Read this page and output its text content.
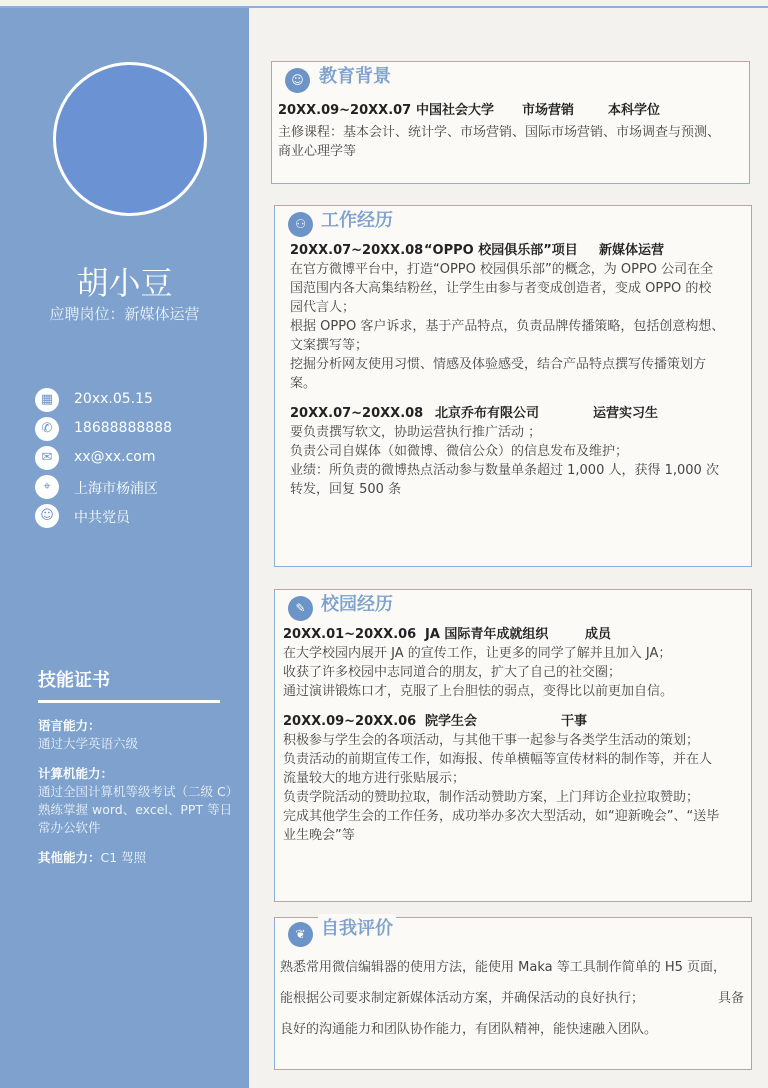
胡小豆
应聘岗位：新媒体运营
▦	20xx.05.15
✆	18688888888
✉	xx@xx.com
⌖	上海市杨浦区
☺	中共党员
技能证书
语言能力：
通过大学英语六级
计算机能力：
通过全国计算机等级考试（二级 C）
熟练掌握 word、excel、PPT 等日
常办公软件
其他能力：C1 驾照
☺ 教育背景
20XX.09~20XX.07 中国社会大学 市场营销	本科学位
主修课程：基本会计、统计学、市场营销、国际市场营销、市场调查与预测、
商业心理学等
⚇ 工作经历
20XX.07~20XX.08“OPPO 校园俱乐部”项目 新媒体运营
在官方微博平台中，打造“OPPO 校园俱乐部”的概念，为 OPPO 公司在全
国范围内各大高集结粉丝，让学生由参与者变成创造者，变成 OPPO 的校
园代言人；
根据 OPPO 客户诉求，基于产品特点，负责品牌传播策略，包括创意构想、
文案撰写等；
挖掘分析网友使用习惯、情感及体验感受，结合产品特点撰写传播策划方
案。
20XX.07~20XX.08 北京乔布有限公司	运营实习生
要负责撰写软文，协助运营执行推广活动 ；
负责公司自媒体（如微博、微信公众）的信息发布及维护；
业绩：所负责的微博热点活动参与数量单条超过 1,000 人，获得 1,000 次
转发，回复 500 条
✎ 校园经历
20XX.01~20XX.06 JA 国际青年成就组织	成员
在大学校园内展开 JA 的宣传工作，让更多的同学了解并且加入 JA；
收获了许多校园中志同道合的朋友，扩大了自己的社交圈；
通过演讲锻炼口才，克服了上台胆怯的弱点，变得比以前更加自信。
20XX.09~20XX.06 院学生会	干事
积极参与学生会的各项活动，与其他干事一起参与各类学生活动的策划；
负责活动的前期宣传工作，如海报、传单横幅等宣传材料的制作等，并在人
流量较大的地方进行张贴展示；
负责学院活动的赞助拉取，制作活动赞助方案，上门拜访企业拉取赞助；
完成其他学生会的工作任务，成功举办多次大型活动，如“迎新晚会”、“送毕
业生晚会”等
❦ 自我评价
熟悉常用微信编辑器的使用方法，能使用 Maka 等工具制作简单的 H5 页面，
能根据公司要求制定新媒体活动方案，并确保活动的良好执行；	具备
良好的沟通能力和团队协作能力，有团队精神，能快速融入团队。
